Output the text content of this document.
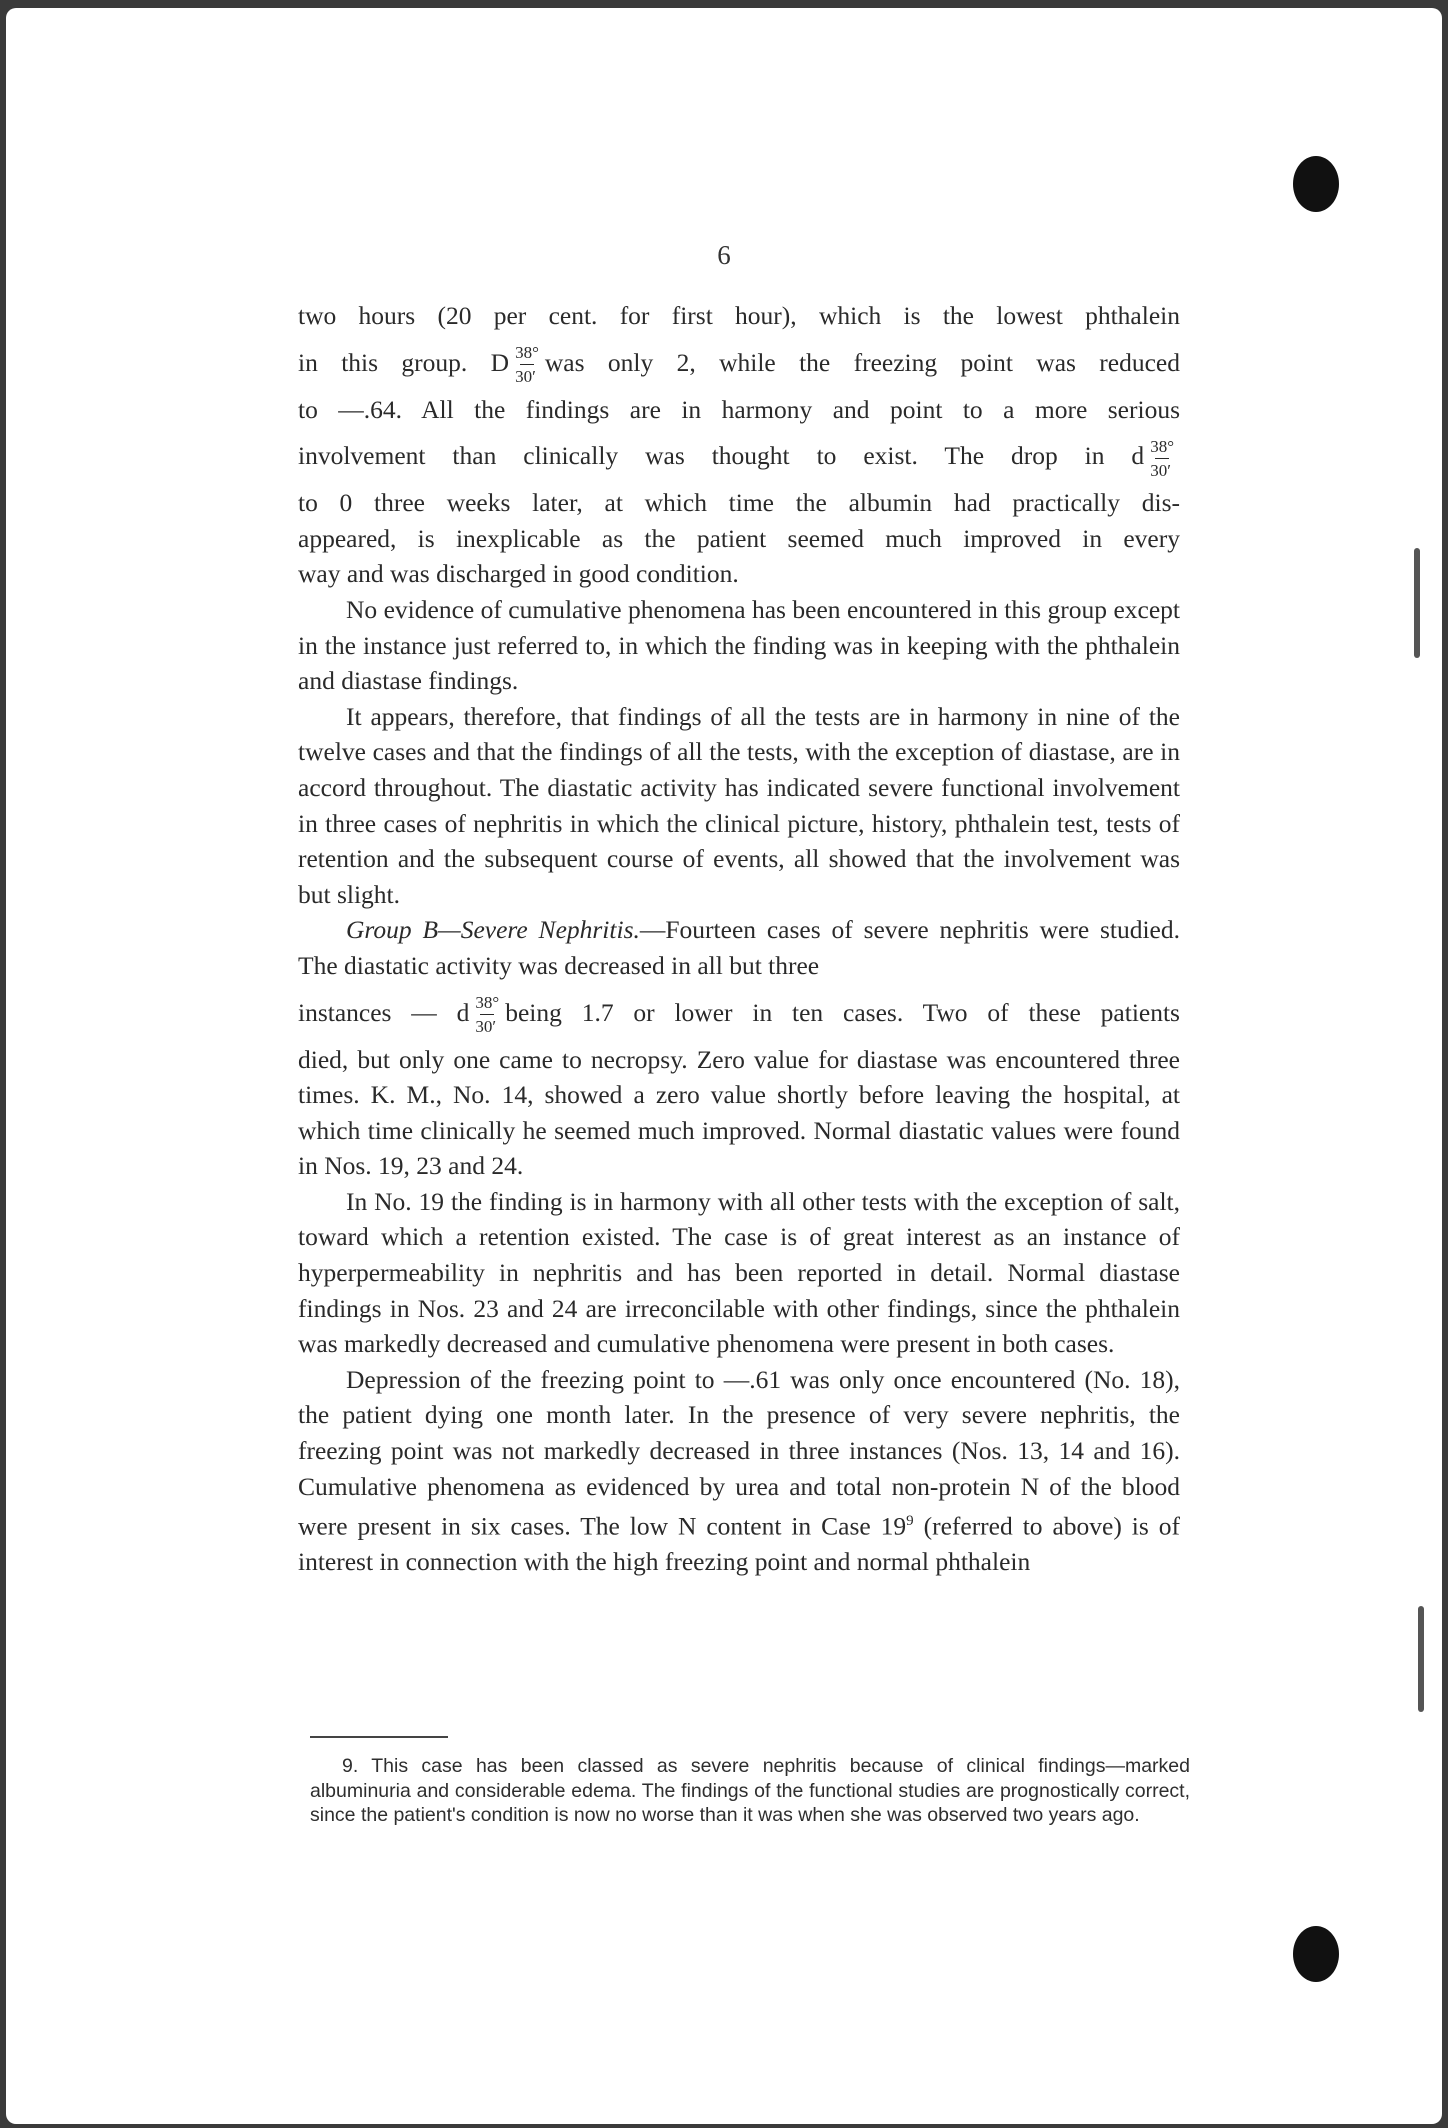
6

two hours (20 per cent. for first hour), which is the lowest phthalein

in this group. D $\frac{38^\circ}{30'}$ was only 2, while the freezing point was reduced

to —.64. All the findings are in harmony and point to a more serious

involvement than clinically was thought to exist. The drop in d $\frac{38^\circ}{30'}$

to 0 three weeks later, at which time the albumin had practically dis-

appeared, is inexplicable as the patient seemed much improved in every

way and was discharged in good condition.

No evidence of cumulative phenomena has been encountered in this group except in the instance just referred to, in which the finding was in keeping with the phthalein and diastase findings.

It appears, therefore, that findings of all the tests are in harmony in nine of the twelve cases and that the findings of all the tests, with the exception of diastase, are in accord throughout. The diastatic activity has indicated severe functional involvement in three cases of nephritis in which the clinical picture, history, phthalein test, tests of retention and the subsequent course of events, all showed that the involvement was but slight.

Group B—Severe Nephritis.—Fourteen cases of severe nephritis were studied. The diastatic activity was decreased in all but three

instances — d $\frac{38^\circ}{30'}$ being 1.7 or lower in ten cases. Two of these patients

died, but only one came to necropsy. Zero value for diastase was encountered three times. K. M., No. 14, showed a zero value shortly before leaving the hospital, at which time clinically he seemed much improved. Normal diastatic values were found in Nos. 19, 23 and 24.

In No. 19 the finding is in harmony with all other tests with the exception of salt, toward which a retention existed. The case is of great interest as an instance of hyperpermeability in nephritis and has been reported in detail. Normal diastase findings in Nos. 23 and 24 are irreconcilable with other findings, since the phthalein was markedly decreased and cumulative phenomena were present in both cases.

Depression of the freezing point to —.61 was only once encountered (No. 18), the patient dying one month later. In the presence of very severe nephritis, the freezing point was not markedly decreased in three instances (Nos. 13, 14 and 16). Cumulative phenomena as evidenced by urea and total non-protein N of the blood were present in six cases. The low N content in Case $19^9$ (referred to above) is of interest in connection with the high freezing point and normal phthalein

9. This case has been classed as severe nephritis because of clinical findings—marked albuminuria and considerable edema. The findings of the functional studies are prognostically correct, since the patient's condition is now no worse than it was when she was observed two years ago.
